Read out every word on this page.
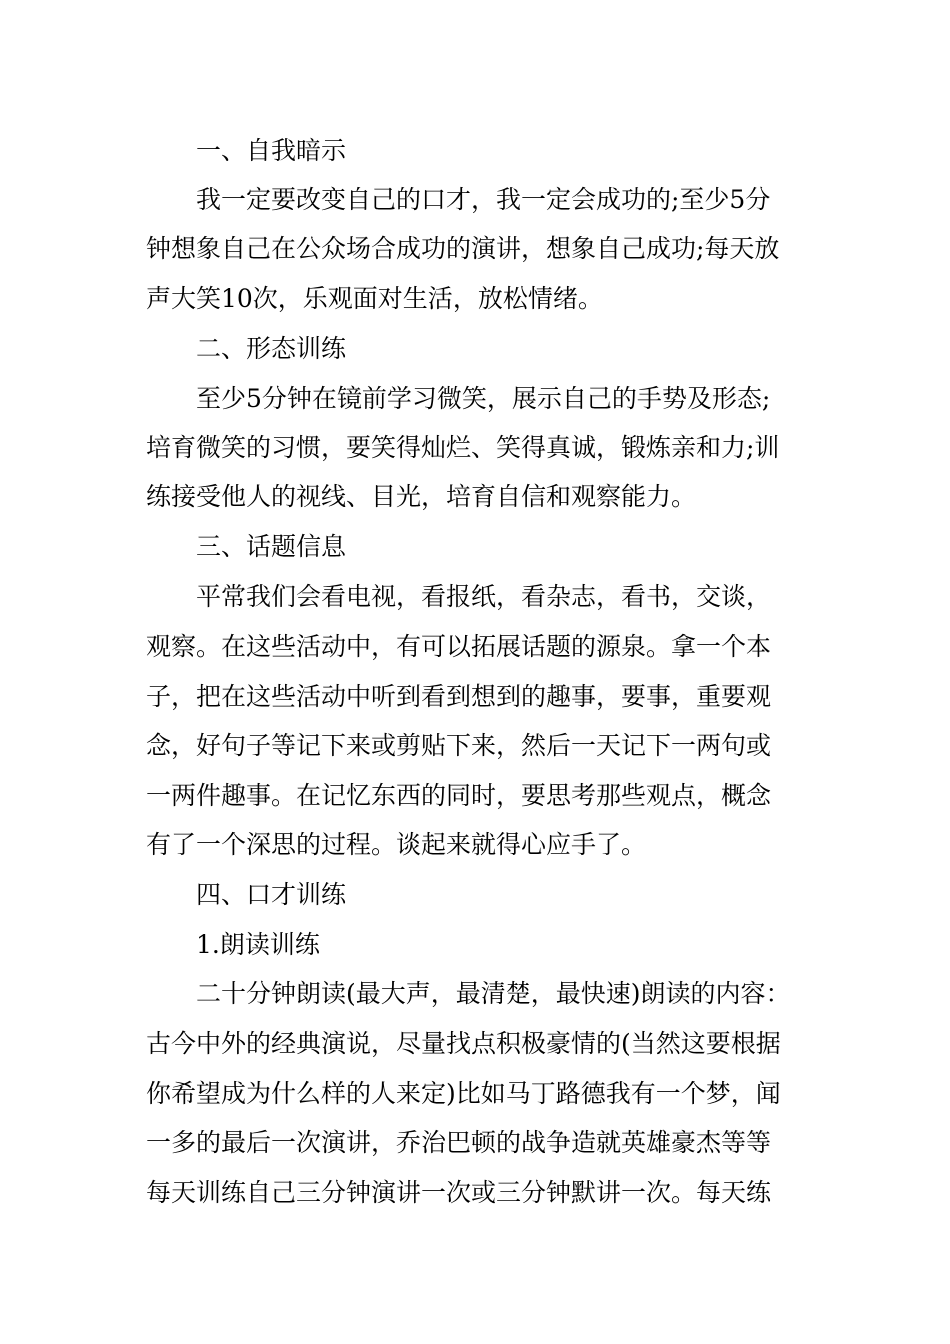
一、自我暗示
我一定要改变自己的口才，我一定会成功的;至少5分
钟想象自己在公众场合成功的演讲，想象自己成功;每天放
声大笑10次，乐观面对生活，放松情绪。
二、形态训练
至少5分钟在镜前学习微笑，展示自己的手势及形态;
培育微笑的习惯，要笑得灿烂、笑得真诚，锻炼亲和力;训
练接受他人的视线、目光，培育自信和观察能力。
三、话题信息
平常我们会看电视，看报纸，看杂志，看书，交谈，
观察。在这些活动中，有可以拓展话题的源泉。拿一个本
子，把在这些活动中听到看到想到的趣事，要事，重要观
念，好句子等记下来或剪贴下来，然后一天记下一两句或
一两件趣事。在记忆东西的同时，要思考那些观点，概念
有了一个深思的过程。谈起来就得心应手了。
四、口才训练
1.朗读训练
二十分钟朗读(最大声，最清楚，最快速)朗读的内容：
古今中外的经典演说，尽量找点积极豪情的(当然这要根据
你希望成为什么样的人来定)比如马丁路德我有一个梦，闻
一多的最后一次演讲，乔治巴顿的战争造就英雄豪杰等等
每天训练自己三分钟演讲一次或三分钟默讲一次。每天练
